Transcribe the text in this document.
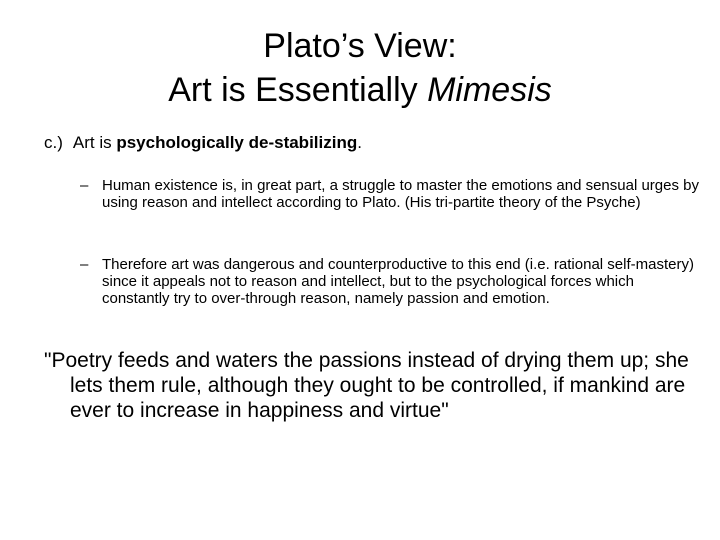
Plato’s View:
Art is Essentially Mimesis

c.) Art is psychologically de-stabilizing.

– Human existence is, in great part, a struggle to master the emotions and sensual urges by using reason and intellect according to Plato. (His tri-partite theory of the Psyche)

– Therefore art was dangerous and counterproductive to this end (i.e. rational self-mastery) since it appeals not to reason and intellect, but to the psychological forces which constantly try to over-through reason, namely passion and emotion.

"Poetry feeds and waters the passions instead of drying them up; she lets them rule, although they ought to be controlled, if mankind are ever to increase in happiness and virtue"
